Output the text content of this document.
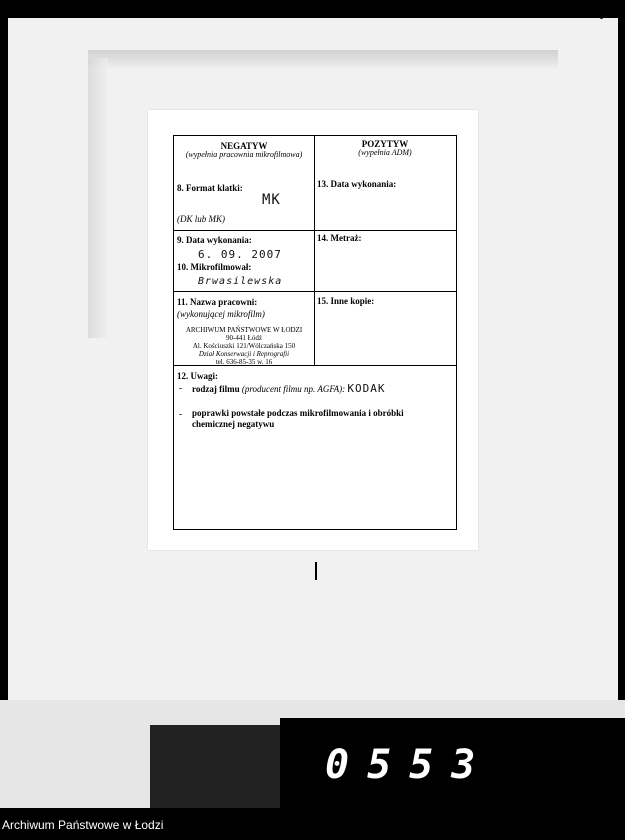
0553
NEGATYW
(wypełnia pracownia mikrofilmowa)
POZYTYW
(wypełnia ADM)
8. Format klatki:
MK
(DK lub MK)
13. Data wykonania:
9. Data wykonania:
6. 09. 2007
10. Mikrofilmował:
Brwasilewska
14. Metraż:
11. Nazwa pracowni:
(wykonującej mikrofilm)
ARCHIWUM PAŃSTWOWE W ŁODZI
90-441 Łódź
Al. Kościuszki 121/Wólczańska 150
Dział Konserwacji i Reprografii
tel. 636-85-35 w. 16
15. Inne kopie:
12. Uwagi:
- rodzaj filmu (producent filmu np. AGFA): KODAK
- poprawki powstałe podczas mikrofilmowania i obróbki chemicznej negatywu
Archiwum Państwowe w Łodzi
